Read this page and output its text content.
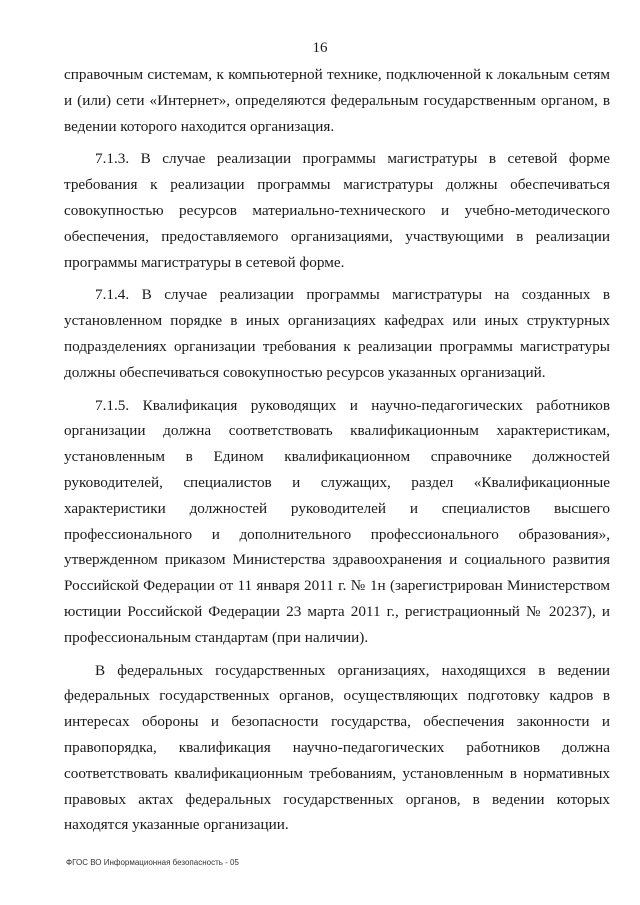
16

справочным системам, к компьютерной технике, подключенной к локальным сетям и (или) сети «Интернет», определяются федеральным государственным органом, в ведении которого находится организация.

7.1.3. В случае реализации программы магистратуры в сетевой форме требования к реализации программы магистратуры должны обеспечиваться совокупностью ресурсов материально-технического и учебно-методического обеспечения, предоставляемого организациями, участвующими в реализации программы магистратуры в сетевой форме.

7.1.4. В случае реализации программы магистратуры на созданных в установленном порядке в иных организациях кафедрах или иных структурных подразделениях организации требования к реализации программы магистратуры должны обеспечиваться совокупностью ресурсов указанных организаций.

7.1.5. Квалификация руководящих и научно-педагогических работников организации должна соответствовать квалификационным характеристикам, установленным в Едином квалификационном справочнике должностей руководителей, специалистов и служащих, раздел «Квалификационные характеристики должностей руководителей и специалистов высшего профессионального и дополнительного профессионального образования», утвержденном приказом Министерства здравоохранения и социального развития Российской Федерации от 11 января 2011 г. № 1н (зарегистрирован Министерством юстиции Российской Федерации 23 марта 2011 г., регистрационный № 20237), и профессиональным стандартам (при наличии).

В федеральных государственных организациях, находящихся в ведении федеральных государственных органов, осуществляющих подготовку кадров в интересах обороны и безопасности государства, обеспечения законности и правопорядка, квалификация научно-педагогических работников должна соответствовать квалификационным требованиям, установленным в нормативных правовых актах федеральных государственных органов, в ведении которых находятся указанные организации.

ФГОС ВО Информационная безопасность - 05
